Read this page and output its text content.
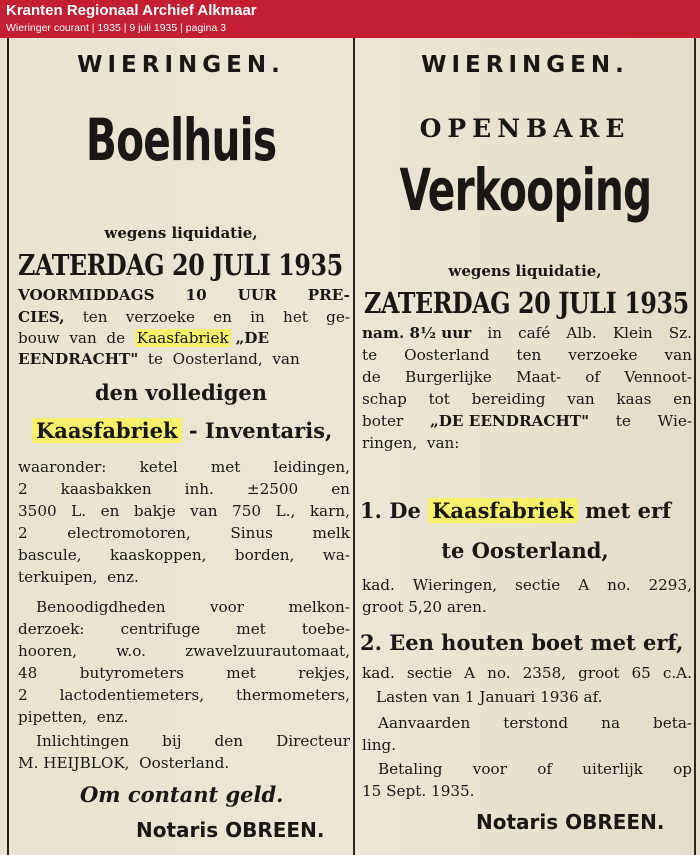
Kranten Regionaal Archief Alkmaar
Wieringer courant | 1935 | 9 juli 1935 | pagina 3
WIERINGEN.
Boelhuis
wegens liquidatie,
ZATERDAG 20 JULI 1935
VOORMIDDAGS 10 UUR PRE-
CIES, ten verzoeke en in het ge-
bouw van de Kaasfabriek „DE
EENDRACHT" te Oosterland, van
den volledigen
Kaasfabriek - Inventaris,
waaronder: ketel met leidingen,
2 kaasbakken inh. ±2500 en
3500 L. en bakje van 750 L., karn,
2	electromotoren,	Sinus	melk
bascule, kaaskoppen, borden, wa-
terkuipen, enz.
Benoodigdheden	voor	melkon-
derzoek: centrifuge met toebe-
hooren,	w.o.	zwavelzuurautomaat,
48	butyrometers	met	rekjes,
2 lactodentiemeters, thermometers,
pipetten, enz.
Inlichtingen bij den Directeur
M. HEIJBLOK, Oosterland.
Om contant geld.
Notaris OBREEN.
WIERINGEN.
OPENBARE
Verkooping
wegens liquidatie,
ZATERDAG 20 JULI 1935
nam. 8½ uur in café Alb. Klein Sz.
te Oosterland ten verzoeke van
de Burgerlijke Maat- of Vennoot-
schap tot bereiding van kaas en
boter „DE EENDRACHT" te Wie-
ringen, van:
1. De Kaasfabriek met erf
te Oosterland,
kad. Wieringen, sectie A no. 2293,
groot 5,20 aren.
2. Een houten boet met erf,
kad. sectie A no. 2358, groot 65 c.A.
Lasten van 1 Januari 1936 af.
Aanvaarden terstond na beta-
ling.
Betaling voor of uiterlijk op
15 Sept. 1935.
Notaris OBREEN.
